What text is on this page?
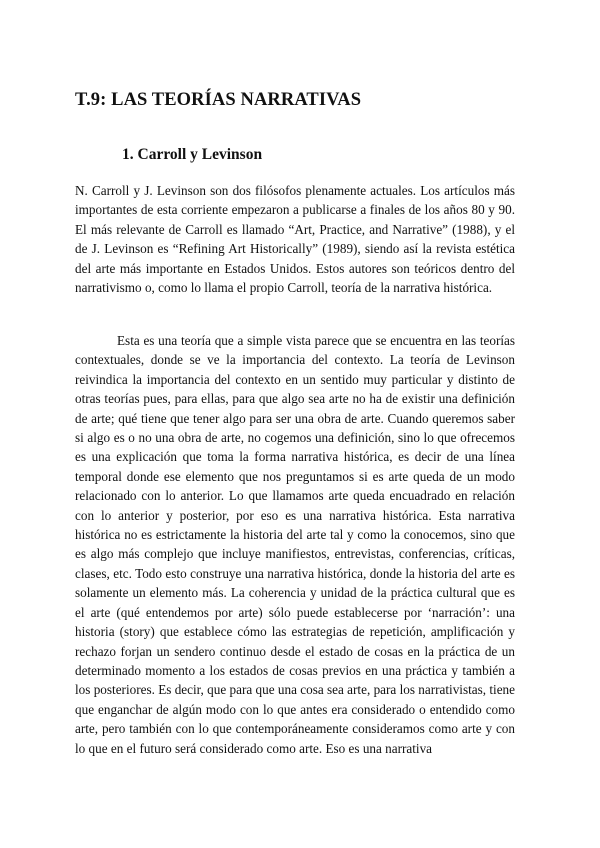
T.9: LAS TEORÍAS NARRATIVAS
1. Carroll y Levinson

N. Carroll y J. Levinson son dos filósofos plenamente actuales. Los artículos más importantes de esta corriente empezaron a publicarse a finales de los años 80 y 90. El más relevante de Carroll es llamado “Art, Practice, and Narrative” (1988), y el de J. Levinson es “Refining Art Historically” (1989), siendo así la revista estética del arte más importante en Estados Unidos. Estos autores son teóricos dentro del narrativismo o, como lo llama el propio Carroll, teoría de la narrativa histórica.

Esta es una teoría que a simple vista parece que se encuentra en las teorías contextuales, donde se ve la importancia del contexto. La teoría de Levinson reivindica la importancia del contexto en un sentido muy particular y distinto de otras teorías pues, para ellas, para que algo sea arte no ha de existir una definición de arte; qué tiene que tener algo para ser una obra de arte. Cuando queremos saber si algo es o no una obra de arte, no cogemos una definición, sino lo que ofrecemos es una explicación que toma la forma narrativa histórica, es decir de una línea temporal donde ese elemento que nos preguntamos si es arte queda de un modo relacionado con lo anterior. Lo que llamamos arte queda encuadrado en relación con lo anterior y posterior, por eso es una narrativa histórica. Esta narrativa histórica no es estrictamente la historia del arte tal y como la conocemos, sino que es algo más complejo que incluye manifiestos, entrevistas, conferencias, críticas, clases, etc. Todo esto construye una narrativa histórica, donde la historia del arte es solamente un elemento más. La coherencia y unidad de la práctica cultural que es el arte (qué entendemos por arte) sólo puede establecerse por ‘narración’: una historia (story) que establece cómo las estrategias de repetición, amplificación y rechazo forjan un sendero continuo desde el estado de cosas en la práctica de un determinado momento a los estados de cosas previos en una práctica y también a los posteriores. Es decir, que para que una cosa sea arte, para los narrativistas, tiene que enganchar de algún modo con lo que antes era considerado o entendido como arte, pero también con lo que contemporáneamente consideramos como arte y con lo que en el futuro será considerado como arte. Eso es una narrativa
